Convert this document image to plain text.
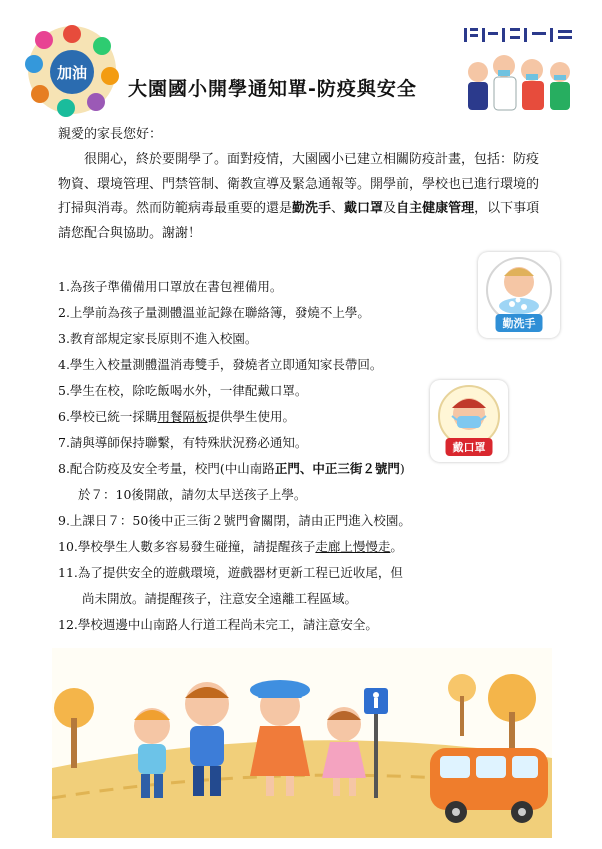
加油
大園國小開學通知單-防疫與安全
親愛的家長您好：
很開心，終於要開學了。面對疫情，大園國小已建立相關防疫計畫，包括：防疫物資、環境管理、門禁管制、衛教宣導及緊急通報等。開學前，學校也已進行環境的打掃與消毒。然而防範病毒最重要的還是勤洗手、戴口罩及自主健康管理，以下事項請您配合與協助。謝謝！
1.為孩子準備備用口罩放在書包裡備用。
2.上學前為孩子量測體溫並記錄在聯絡簿，發燒不上學。
3.教育部規定家長原則不進入校園。
4.學生入校量測體溫消毒雙手，發燒者立即通知家長帶回。
5.學生在校，除吃飯喝水外，一律配戴口罩。
6.學校已統一採購用餐隔板提供學生使用。
7.請與導師保持聯繫，有特殊狀況務必通知。
8.配合防疫及安全考量，校門(中山南路正門、中正三街２號門)
於７：10後開啟，請勿太早送孩子上學。
9.上課日７：50後中正三街２號門會關閉，請由正門進入校園。
10.學校學生人數多容易發生碰撞，請提醒孩子走廊上慢慢走。
11.為了提供安全的遊戲環境，遊戲器材更新工程已近收尾，但
尚未開放。請提醒孩子，注意安全遠離工程區域。
12.學校週邊中山南路人行道工程尚未完工，請注意安全。
勤洗手
戴口罩
